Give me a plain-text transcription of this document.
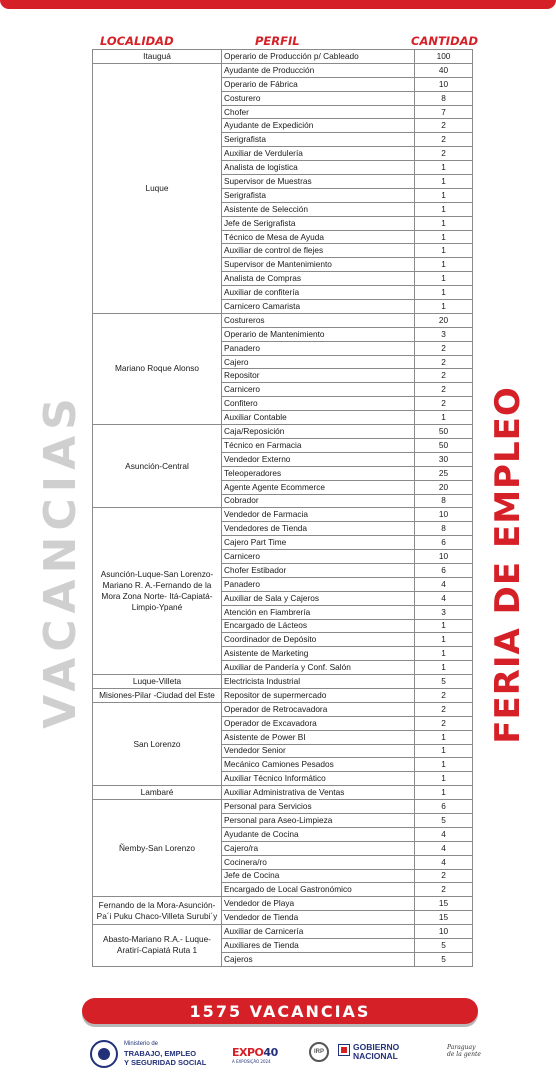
VACANCIAS	FERIA DE EMPLEO
LOCALIDAD	PERFIL	CANTIDAD
Itauguá	Operario de Producción p/ Cableado	100
Luque	Ayudante de Producción	40
	Operario de Fábrica	10
	Costurero	8
	Chofer	7
	Ayudante de Expedición	2
	Serigrafista	2
	Auxiliar de Verdulería	2
	Analista de logística	1
	Supervisor de Muestras	1
	Serigrafista	1
	Asistente de Selección	1
	Jefe de Serigrafista	1
	Técnico de Mesa de Ayuda	1
	Auxiliar de control de flejes	1
	Supervisor de Mantenimiento	1
	Analista de Compras	1
	Auxiliar de confitería	1
	Carnicero Camarista	1
Mariano Roque Alonso	Costureros	20
	Operario de Mantenimiento	3
	Panadero	2
	Cajero	2
	Repositor	2
	Carnicero	2
	Confitero	2
	Auxiliar Contable	1
Asunción-Central	Caja/Reposición	50
	Técnico en Farmacia	50
	Vendedor Externo	30
	Teleoperadores	25
	Agente Agente Ecommerce	20
	Cobrador	8
Asunción-Luque-San Lorenzo-Mariano R. A.-Fernando de la Mora Zona Norte- Itá-Capiatá-Limpio-Ypané	Vendedor de Farmacia	10
	Vendedores de Tienda	8
	Cajero Part Time	6
	Carnicero	10
	Chofer Estibador	6
	Panadero	4
	Auxiliar de Sala y Cajeros	4
	Atención en Fiambrería	3
	Encargado de Lácteos	1
	Coordinador de Depósito	1
	Asistente de Marketing	1
	Auxiliar de Pandería y Conf. Salón	1
Luque-Villeta	Electricista Industrial	5
Misiones-Pilar -Ciudad del Este	Repositor de supermercado	2
San Lorenzo	Operador de Retrocavadora	2
	Operador de Excavadora	2
	Asistente de Power BI	1
	Vendedor Senior	1
	Mecánico Camiones Pesados	1
	Auxiliar Técnico Informático	1
Lambaré	Auxiliar Administrativa de Ventas	1
Ñemby-San Lorenzo	Personal para Servicios	6
	Personal para Aseo-Limpieza	5
	Ayudante de Cocina	4
	Cajero/ra	4
	Cocinera/ro	4
	Jefe de Cocina	2
	Encargado de Local Gastronómico	2
Fernando de la Mora-Asunción-Pa´i Puku Chaco-Villeta Surubi´y	Vendedor de Playa	15
	Vendedor de Tienda	15
Abasto-Mariano R.A.- Luque-Aratirí-Capiatá Ruta 1	Auxiliar de Carnicería	10
	Auxiliares de Tienda	5
	Cajeros	5
1575 VACANCIAS
Ministerio de
TRABAJO, EMPLEO
Y SEGURIDAD SOCIAL
EXPO40
A EXPOSIÇÃO 2024
IRP	GOBIERNO
NACIONAL
Paraguay
de la gente
